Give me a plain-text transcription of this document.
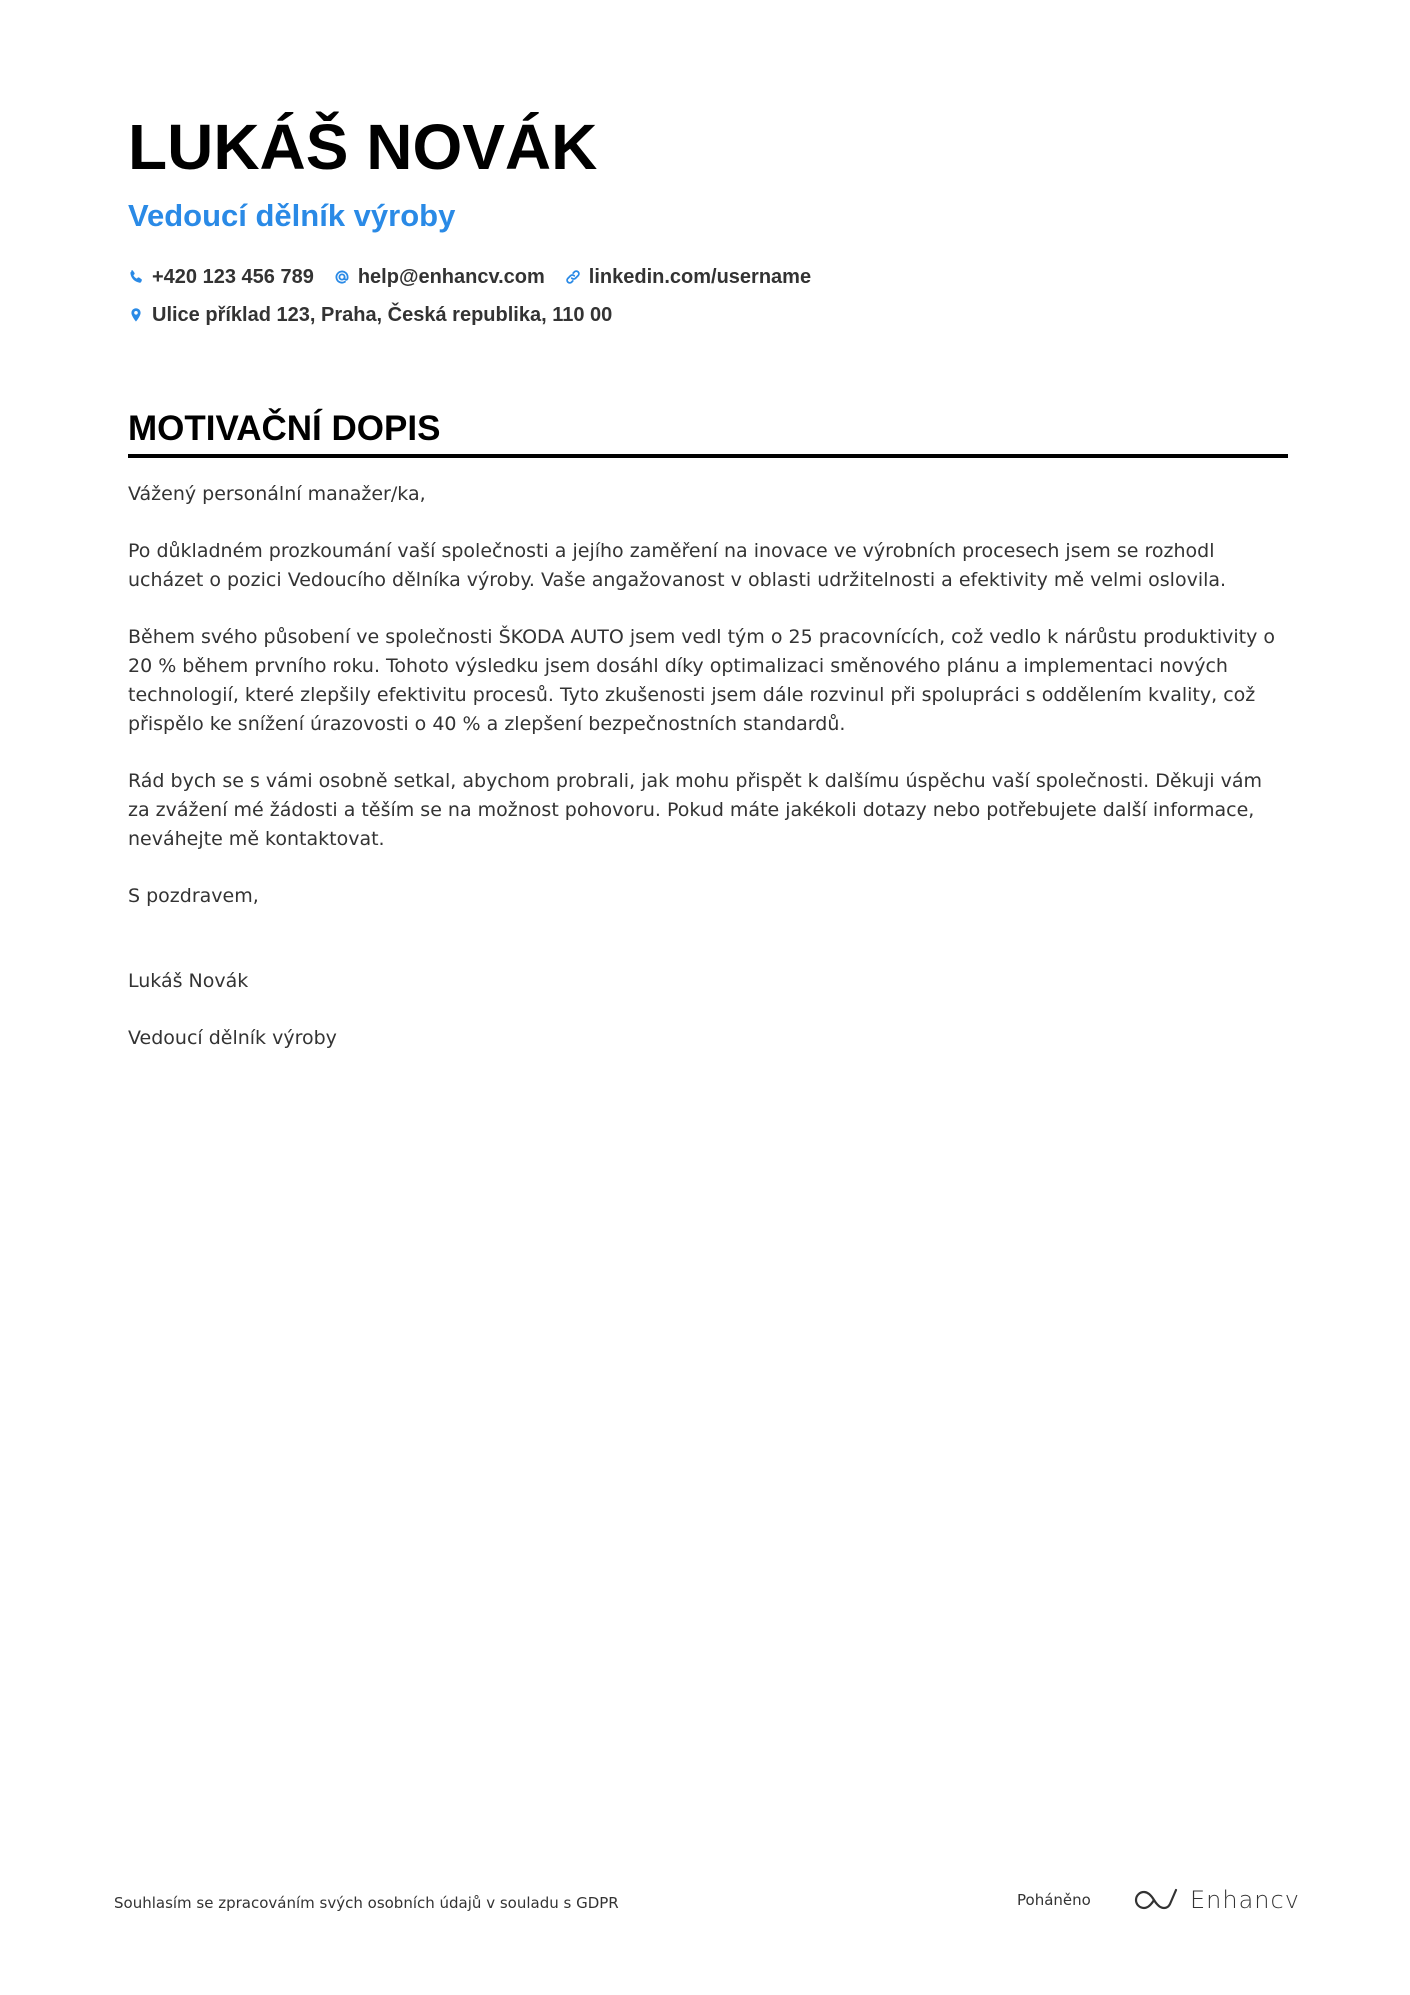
LUKÁŠ NOVÁK
Vedoucí dělník výroby
+420 123 456 789 help@enhancv.com linkedin.com/username
Ulice příklad 123, Praha, Česká republika, 110 00
MOTIVAČNÍ DOPIS

Vážený personální manažer/ka,

Po důkladném prozkoumání vaší společnosti a jejího zaměření na inovace ve výrobních procesech jsem se rozhodl ucházet o pozici Vedoucího dělníka výroby. Vaše angažovanost v oblasti udržitelnosti a efektivity mě velmi oslovila.

Během svého působení ve společnosti ŠKODA AUTO jsem vedl tým o 25 pracovnících, což vedlo k nárůstu produktivity o 20 % během prvního roku. Tohoto výsledku jsem dosáhl díky optimalizaci směnového plánu a implementaci nových technologií, které zlepšily efektivitu procesů. Tyto zkušenosti jsem dále rozvinul při spolupráci s oddělením kvality, což přispělo ke snížení úrazovosti o 40 % a zlepšení bezpečnostních standardů.

Rád bych se s vámi osobně setkal, abychom probrali, jak mohu přispět k dalšímu úspěchu vaší společnosti. Děkuji vám za zvážení mé žádosti a těším se na možnost pohovoru. Pokud máte jakékoli dotazy nebo potřebujete další informace, neváhejte mě kontaktovat.

S pozdravem,

Lukáš Novák

Vedoucí dělník výroby

Souhlasím se zpracováním svých osobních údajů v souladu s GDPR	Poháněno	Enhancv
